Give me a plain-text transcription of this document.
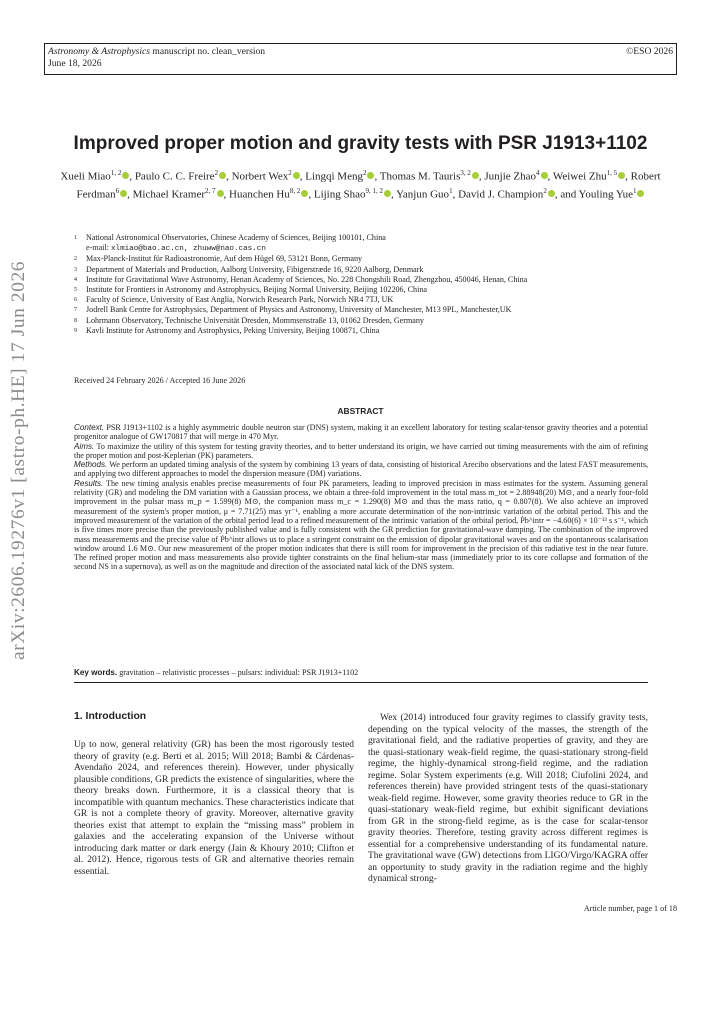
Astronomy & Astrophysics manuscript no. clean_version
June 18, 2026
©ESO 2026
arXiv:2606.19276v1 [astro-ph.HE] 17 Jun 2026
Improved proper motion and gravity tests with PSR J1913+1102
Xueli Miao$^{1, 2}$ , Paulo C. C. Freire$^2$ , Norbert Wex$^2$ , Lingqi Meng$^2$ , Thomas M. Tauris$^{3, 2}$ , Junjie Zhao$^4$ , Weiwei Zhu$^{1, 5}$ , Robert Ferdman$^6$ , Michael Kramer$^{2, 7}$ , Huanchen Hu$^{8, 2}$ , Lijing Shao$^{9, 1, 2}$ , Yanjun Guo$^1$, David J. Champion$^2$ , and Youling Yue$^1$
1	National Astronomical Observatories, Chinese Academy of Sciences, Beijing 100101, China
e-mail: xlmiao@bao.ac.cn, zhuww@nao.cas.cn
2	Max-Planck-Institut für Radioastronomie, Auf dem Hügel 69, 53121 Bonn, Germany
3	Department of Materials and Production, Aalborg University, Fibigerstræde 16, 9220 Aalborg, Denmark
4	Institute for Gravitational Wave Astronomy, Henan Academy of Sciences, No. 228 Chongshili Road, Zhengzhou, 450046, Henan, China
5	Institute for Frontiers in Astronomy and Astrophysics, Beijing Normal University, Beijing 102206, China
6	Faculty of Science, University of East Anglia, Norwich Research Park, Norwich NR4 7TJ, UK
7	Jodrell Bank Centre for Astrophysics, Department of Physics and Astronomy, University of Manchester, M13 9PL, Manchester,UK
8	Lohrmann Observatory, Technische Universität Dresden, Mommsenstraße 13, 01062 Dresden, Germany
9	Kavli Institute for Astronomy and Astrophysics, Peking University, Beijing 100871, China
Received 24 February 2026 / Accepted 16 June 2026
ABSTRACT

Context. PSR J1913+1102 is a highly asymmetric double neutron star (DNS) system, making it an excellent laboratory for testing scalar-tensor gravity theories and a potential progenitor analogue of GW170817 that will merge in 470 Myr.

Aims. To maximize the utility of this system for testing gravity theories, and to better understand its origin, we have carried out timing measurements with the aim of refining the proper motion and post-Keplerian (PK) parameters.

Methods. We perform an updated timing analysis of the system by combining 13 years of data, consisting of historical Arecibo observations and the latest FAST measurements, and applying two different approaches to model the dispersion measure (DM) variations.

Results. The new timing analysis enables precise measurements of four PK parameters, leading to improved precision in mass estimates for the system. Assuming general relativity (GR) and modeling the DM variation with a Gaussian process, we obtain a three-fold improvement in the total mass m_tot = 2.88948(20) M⊙, and a nearly four-fold improvement in the pulsar mass m_p = 1.599(8) M⊙, the companion mass m_c = 1.290(8) M⊙ and thus the mass ratio, q = 0.807(8). We also achieve an improved measurement of the system's proper motion, μ = 7.71(25) mas yr⁻¹, enabling a more accurate determination of the non-intrinsic variation of the orbital period. This and the improved measurement of the variation of the orbital period lead to a refined measurement of the intrinsic variation of the orbital period, Ṗb^intr = −4.60(6) × 10⁻¹³ s s⁻¹, which is five times more precise than the previously published value and is fully consistent with the GR prediction for gravitational-wave damping. The combination of the improved mass measurements and the precise value of Ṗb^intr allows us to place a stringent constraint on the emission of dipolar gravitational waves and on the spontaneous scalarisation window around 1.6 M⊙. Our new measurement of the proper motion indicates that there is still room for improvement in the precision of this radiative test in the near future. The refined proper motion and mass measurements also provide tighter constraints on the final helium-star mass (immediately prior to its core collapse and formation of the second NS in a supernova), as well as on the magnitude and direction of the associated natal kick of the DNS system.

Key words. gravitation – relativistic processes – pulsars: individual: PSR J1913+1102
1. Introduction
Up to now, general relativity (GR) has been the most rigorously tested theory of gravity (e.g. Berti et al. 2015; Will 2018; Bambi & Cárdenas-Avendaño 2024, and references therein). However, under physically plausible conditions, GR predicts the existence of singularities, where the theory breaks down. Furthermore, it is a classical theory that is incompatible with quantum mechanics. These characteristics indicate that GR is not a complete theory of gravity. Moreover, alternative gravity theories exist that attempt to explain the “missing mass” problem in galaxies and the accelerating expansion of the Universe without introducing dark matter or dark energy (Jain & Khoury 2010; Clifton et al. 2012). Hence, rigorous tests of GR and alternative theories remain essential.
Wex (2014) introduced four gravity regimes to classify gravity tests, depending on the typical velocity of the masses, the strength of the gravitational field, and the radiative properties of gravity, and they are the quasi-stationary weak-field regime, the quasi-stationary strong-field regime, the highly-dynamical strong-field regime, and the radiation regime. Solar System experiments (e.g. Will 2018; Ciufolini 2024, and references therein) have provided stringent tests of the quasi-stationary weak-field regime. However, some gravity theories reduce to GR in the quasi-stationary weak-field regime, but exhibit significant deviations from GR in the strong-field regime, as is the case for scalar-tensor gravity theories. Therefore, testing gravity across different regimes is essential for a comprehensive understanding of its fundamental nature. The gravitational wave (GW) detections from LIGO/Virgo/KAGRA offer an opportunity to study gravity in the radiation regime and the highly dynamical strong-
Article number, page 1 of 18
